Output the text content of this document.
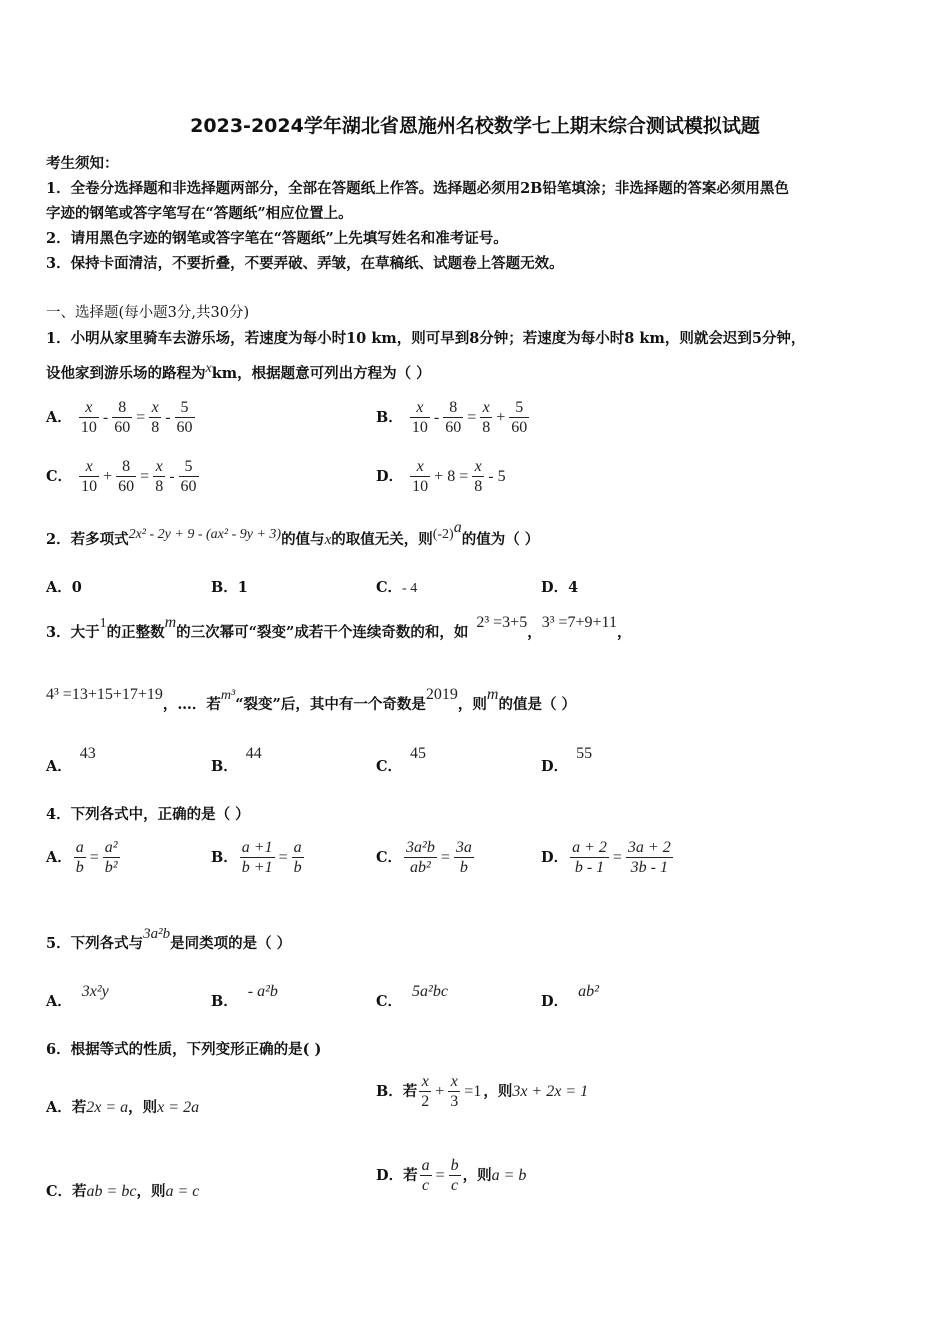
2023-2024学年湖北省恩施州名校数学七上期末综合测试模拟试题
考生须知：
1．全卷分选择题和非选择题两部分，全部在答题纸上作答。选择题必须用2B铅笔填涂；非选择题的答案必须用黑色
字迹的钢笔或答字笔写在“答题纸”相应位置上。
2．请用黑色字迹的钢笔或答字笔在“答题纸”上先填写姓名和准考证号。
3．保持卡面清洁，不要折叠，不要弄破、弄皱，在草稿纸、试题卷上答题无效。
一、选择题(每小题3分,共30分)
1．小明从家里骑车去游乐场，若速度为每小时10 km，则可早到8分钟；若速度为每小时8 km，则就会迟到5分钟，
设他家到游乐场的路程为xkm，根据题意可列出方程为（ ）
A． $\frac{x}{10} - \frac{8}{60} = \frac{x}{8} - \frac{5}{60}$	B． $\frac{x}{10} - \frac{8}{60} = \frac{x}{8} + \frac{5}{60}$
C． $\frac{x}{10} + \frac{8}{60} = \frac{x}{8} - \frac{5}{60}$	D． $\frac{x}{10} + 8 = \frac{x}{8} - 5$
2．若多项式2x² - 2y + 9 - (ax² - 9y + 3)的值与x的取值无关，则$(-2)^a$的值为（ ）
A．0	B．1	C．- 4	D．4
3．大于1的正整数m的三次幂可“裂变”成若干个连续奇数的和，如2³ =3+5，3³ =7+9+11，
4³ =13+15+17+19，…．若m³“裂变”后，其中有一个奇数是2019，则m的值是（ ）
A．43
B．44
C．45
D．55
4．下列各式中，正确的是（ ）
A． $\frac{a}{b} = \frac{\text{a²}}{\text{b²}}$	B． $\frac{a +1}{b +1} = \frac{a}{b}$	C． $\frac{\text{3a²b}}{\text{ab²}} = \frac{3a}{b}$	D． $\frac{a + 2}{b - 1} = \frac{3a + 2}{3b - 1}$
5．下列各式与3a²b是同类项的是（ ）
A．3x²y
B．- a²b
C．5a²bc
D．ab²
6．根据等式的性质，下列变形正确的是( )
A．若2x = a，则x = 2a
B．若 $\frac{x}{2} + \frac{x}{3} =1$ ，则3x + 2x = 1
C．若ab = bc，则a = c
D．若 $\frac{a}{c} = \frac{b}{c}$ ，则a = b
